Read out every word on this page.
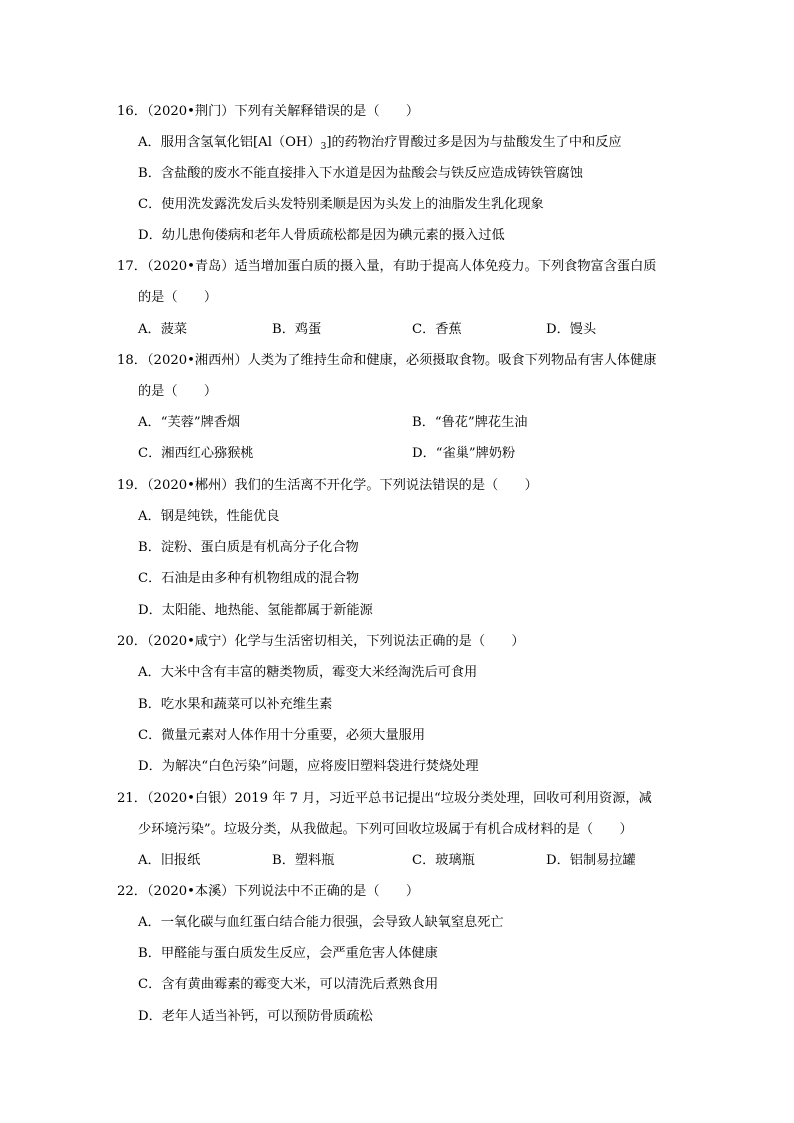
16．（2020•荆门）下列有关解释错误的是（　　）
A．服用含氢氧化铝$[Al(OH)_3]$的药物治疗胃酸过多是因为与盐酸发生了中和反应
B．含盐酸的废水不能直接排入下水道是因为盐酸会与铁反应造成铸铁管腐蚀
C．使用洗发露洗发后头发特别柔顺是因为头发上的油脂发生乳化现象
D．幼儿患佝偻病和老年人骨质疏松都是因为碘元素的摄入过低
17．（2020•青岛）适当增加蛋白质的摄入量，有助于提高人体免疫力。下列食物富含蛋白质
的是（　　）
A．菠菜	B．鸡蛋	C．香蕉	D．馒头
18．（2020•湘西州）人类为了维持生命和健康，必须摄取食物。吸食下列物品有害人体健康
的是（　　）
A．“芙蓉”牌香烟	B．“鲁花”牌花生油
C．湘西红心猕猴桃	D．“雀巢”牌奶粉
19．（2020•郴州）我们的生活离不开化学。下列说法错误的是（　　）
A．钢是纯铁，性能优良
B．淀粉、蛋白质是有机高分子化合物
C．石油是由多种有机物组成的混合物
D．太阳能、地热能、氢能都属于新能源
20．（2020•咸宁）化学与生活密切相关，下列说法正确的是（　　）
A．大米中含有丰富的糖类物质，霉变大米经淘洗后可食用
B．吃水果和蔬菜可以补充维生素
C．微量元素对人体作用十分重要，必须大量服用
D．为解决“白色污染”问题，应将废旧塑料袋进行焚烧处理
21．（2020•白银）2019 年 7 月，习近平总书记提出“垃圾分类处理，回收可利用资源，减
少环境污染”。垃圾分类，从我做起。下列可回收垃圾属于有机合成材料的是（　　）
A．旧报纸	B．塑料瓶	C．玻璃瓶	D．铝制易拉罐
22．（2020•本溪）下列说法中不正确的是（　　）
A．一氧化碳与血红蛋白结合能力很强，会导致人缺氧窒息死亡
B．甲醛能与蛋白质发生反应，会严重危害人体健康
C．含有黄曲霉素的霉变大米，可以清洗后煮熟食用
D．老年人适当补钙，可以预防骨质疏松
